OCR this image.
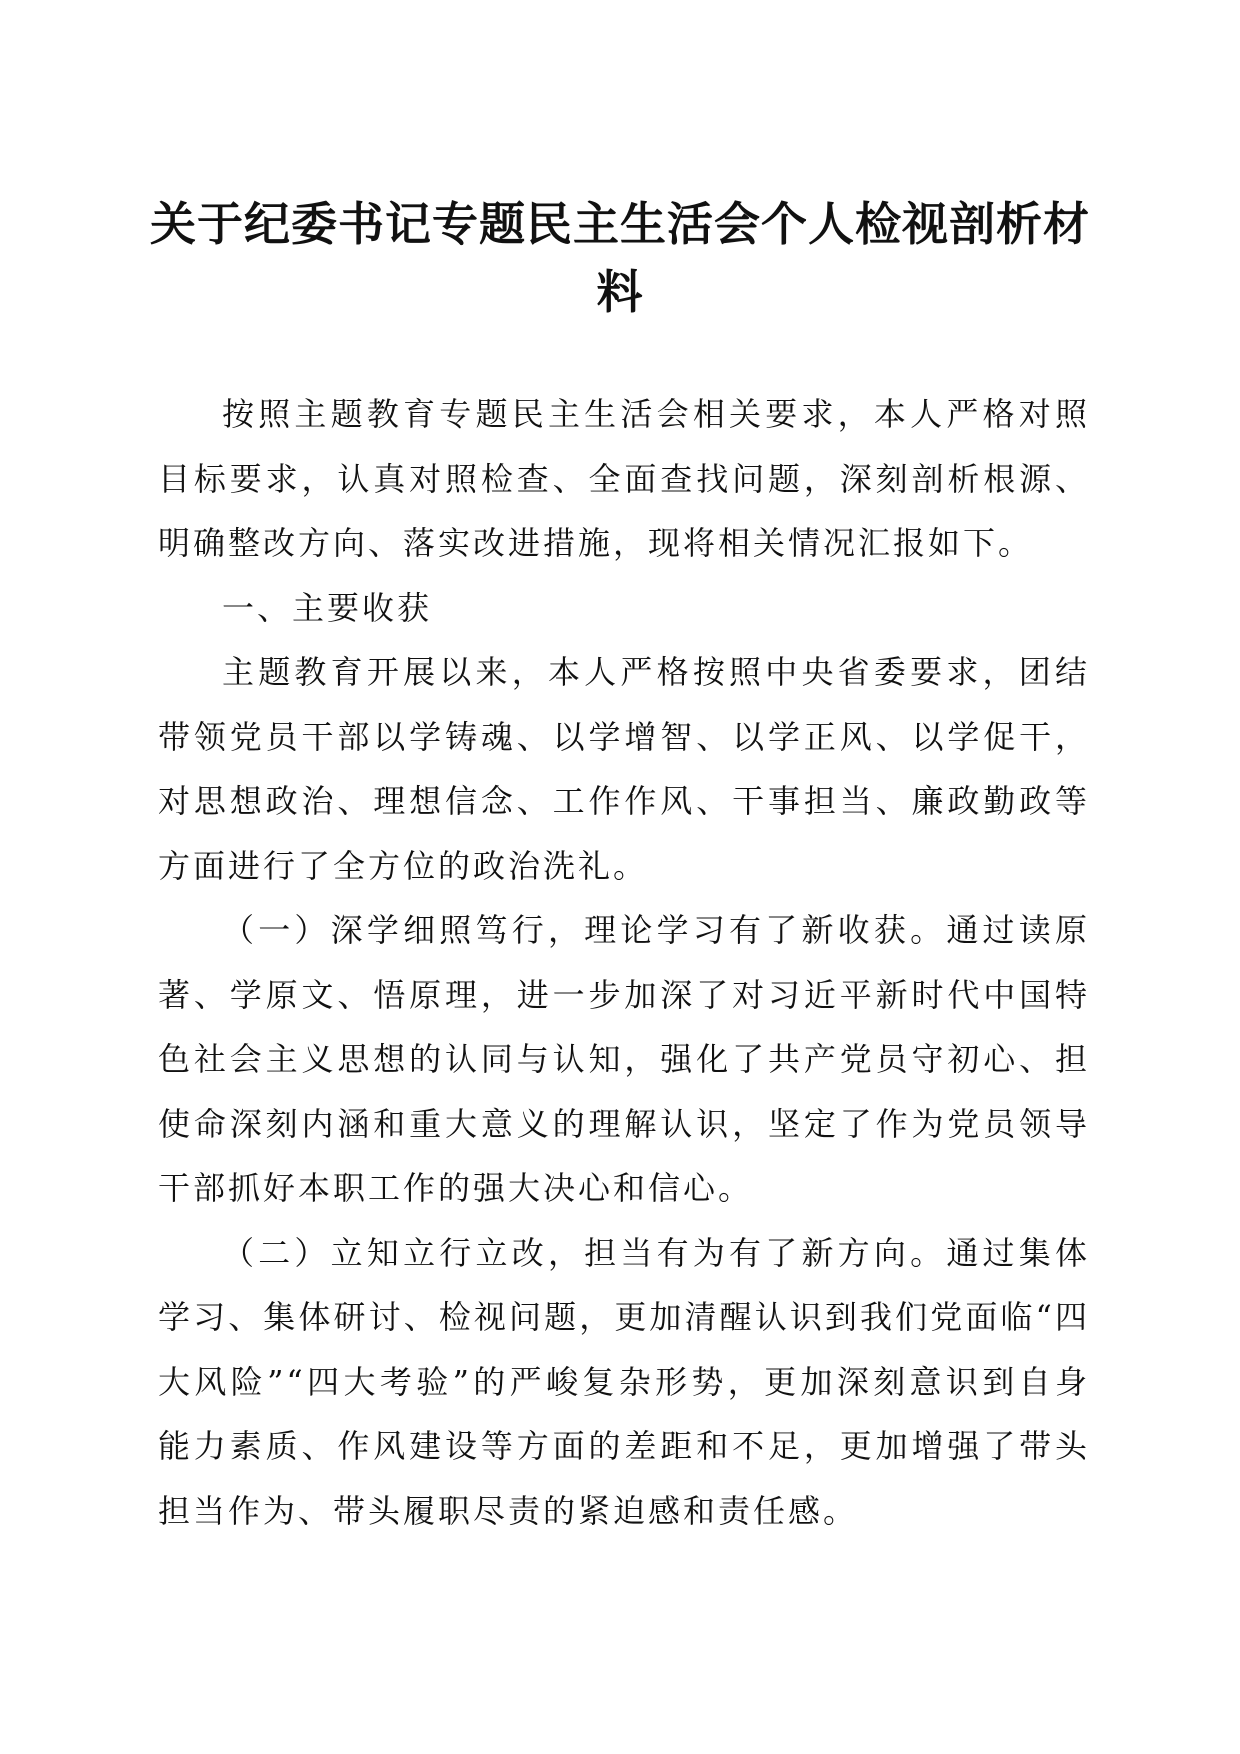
关于纪委书记专题民主生活会个人检视剖析材料

按照主题教育专题民主生活会相关要求，本人严格对照目标要求，认真对照检查、全面查找问题，深刻剖析根源、明确整改方向、落实改进措施，现将相关情况汇报如下。

一、主要收获

主题教育开展以来，本人严格按照中央省委要求，团结带领党员干部以学铸魂、以学增智、以学正风、以学促干，对思想政治、理想信念、工作作风、干事担当、廉政勤政等方面进行了全方位的政治洗礼。

（一）深学细照笃行，理论学习有了新收获。通过读原著、学原文、悟原理，进一步加深了对习近平新时代中国特色社会主义思想的认同与认知，强化了共产党员守初心、担使命深刻内涵和重大意义的理解认识，坚定了作为党员领导干部抓好本职工作的强大决心和信心。

（二）立知立行立改，担当有为有了新方向。通过集体学习、集体研讨、检视问题，更加清醒认识到我们党面临“四大风险”“四大考验”的严峻复杂形势，更加深刻意识到自身能力素质、作风建设等方面的差距和不足，更加增强了带头担当作为、带头履职尽责的紧迫感和责任感。
